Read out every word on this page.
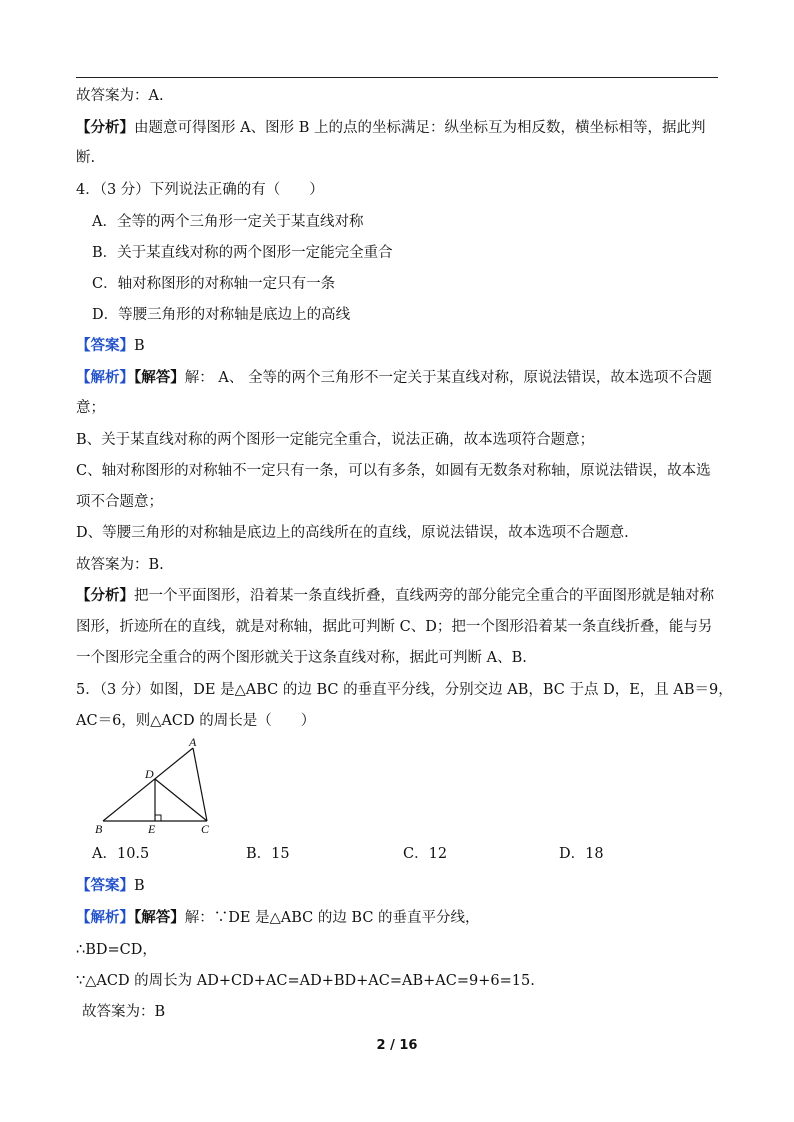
故答案为：A.
【分析】由题意可得图形 A、图形 B 上的点的坐标满足：纵坐标互为相反数，横坐标相等，据此判
断.
4．（3 分）下列说法正确的有（　　）
A．全等的两个三角形一定关于某直线对称
B．关于某直线对称的两个图形一定能完全重合
C．轴对称图形的对称轴一定只有一条
D．等腰三角形的对称轴是底边上的高线
【答案】B
【解析】【解答】解： A、 全等的两个三角形不一定关于某直线对称，原说法错误，故本选项不合题
意；
B、关于某直线对称的两个图形一定能完全重合，说法正确，故本选项符合题意；
C、轴对称图形的对称轴不一定只有一条，可以有多条，如圆有无数条对称轴，原说法错误，故本选
项不合题意；
D、等腰三角形的对称轴是底边上的高线所在的直线，原说法错误，故本选项不合题意.
故答案为：B.
【分析】把一个平面图形，沿着某一条直线折叠，直线两旁的部分能完全重合的平面图形就是轴对称
图形，折迹所在的直线，就是对称轴，据此可判断 C、D；把一个图形沿着某一条直线折叠，能与另
一个图形完全重合的两个图形就关于这条直线对称，据此可判断 A、B.
5．（3 分）如图，DE 是△ABC 的边 BC 的垂直平分线，分别交边 AB，BC 于点 D，E，且 AB＝9，
AC＝6，则△ACD 的周长是（　　）
A
B	C
D
E
A．10.5	B．15	C．12	D．18
【答案】B
【解析】【解答】解：∵DE 是△ABC 的边 BC 的垂直平分线，
∴BD=CD，
∵△ACD 的周长为 AD+CD+AC=AD+BD+AC=AB+AC=9+6=15.
故答案为：B
2 / 16
